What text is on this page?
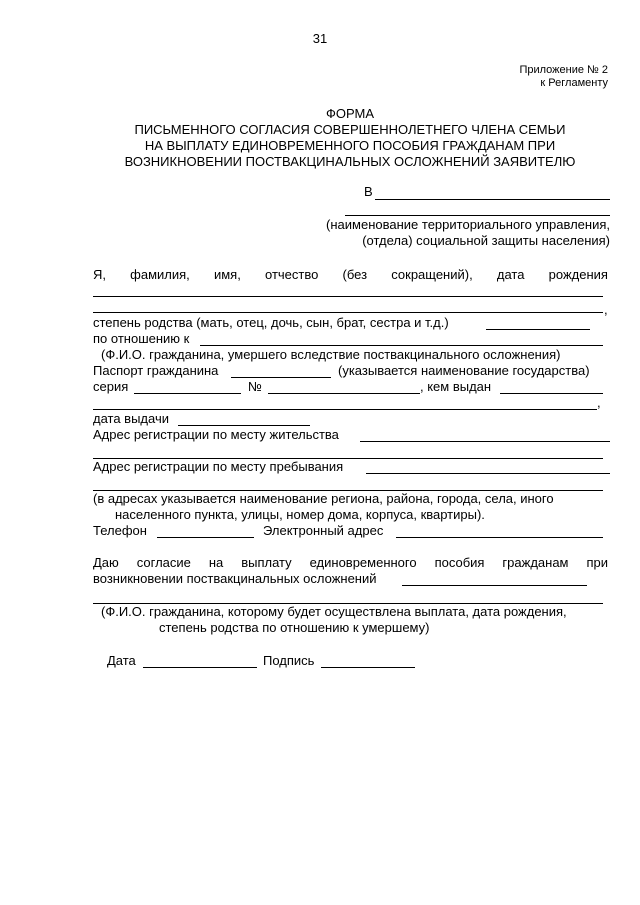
31
Приложение № 2
к Регламенту
ФОРМА
ПИСЬМЕННОГО СОГЛАСИЯ СОВЕРШЕННОЛЕТНЕГО ЧЛЕНА СЕМЬИ
НА ВЫПЛАТУ ЕДИНОВРЕМЕННОГО ПОСОБИЯ ГРАЖДАНАМ ПРИ
ВОЗНИКНОВЕНИИ ПОСТВАКЦИНАЛЬНЫХ ОСЛОЖНЕНИЙ ЗАЯВИТЕЛЮ
В
(наименование территориального управления,
(отдела) социальной защиты населения)
Я, фамилия, имя, отчество (без сокращений), дата рождения
,
степень родства (мать, отец, дочь, сын, брат, сестра и т.д.)
по отношению к
(Ф.И.О. гражданина, умершего вследствие поствакцинального осложнения)
Паспорт гражданина	(указывается наименование государства)
серия	№	, кем выдан
,
дата выдачи
Адрес регистрации по месту жительства
Адрес регистрации по месту пребывания
(в адресах указывается наименование региона, района, города, села, иного
населенного пункта, улицы, номер дома, корпуса, квартиры).
Телефон	Электронный адрес
Даю согласие на выплату единовременного пособия гражданам при
возникновении поствакцинальных осложнений
(Ф.И.О. гражданина, которому будет осуществлена выплата, дата рождения,
степень родства по отношению к умершему)
Дата	Подпись
